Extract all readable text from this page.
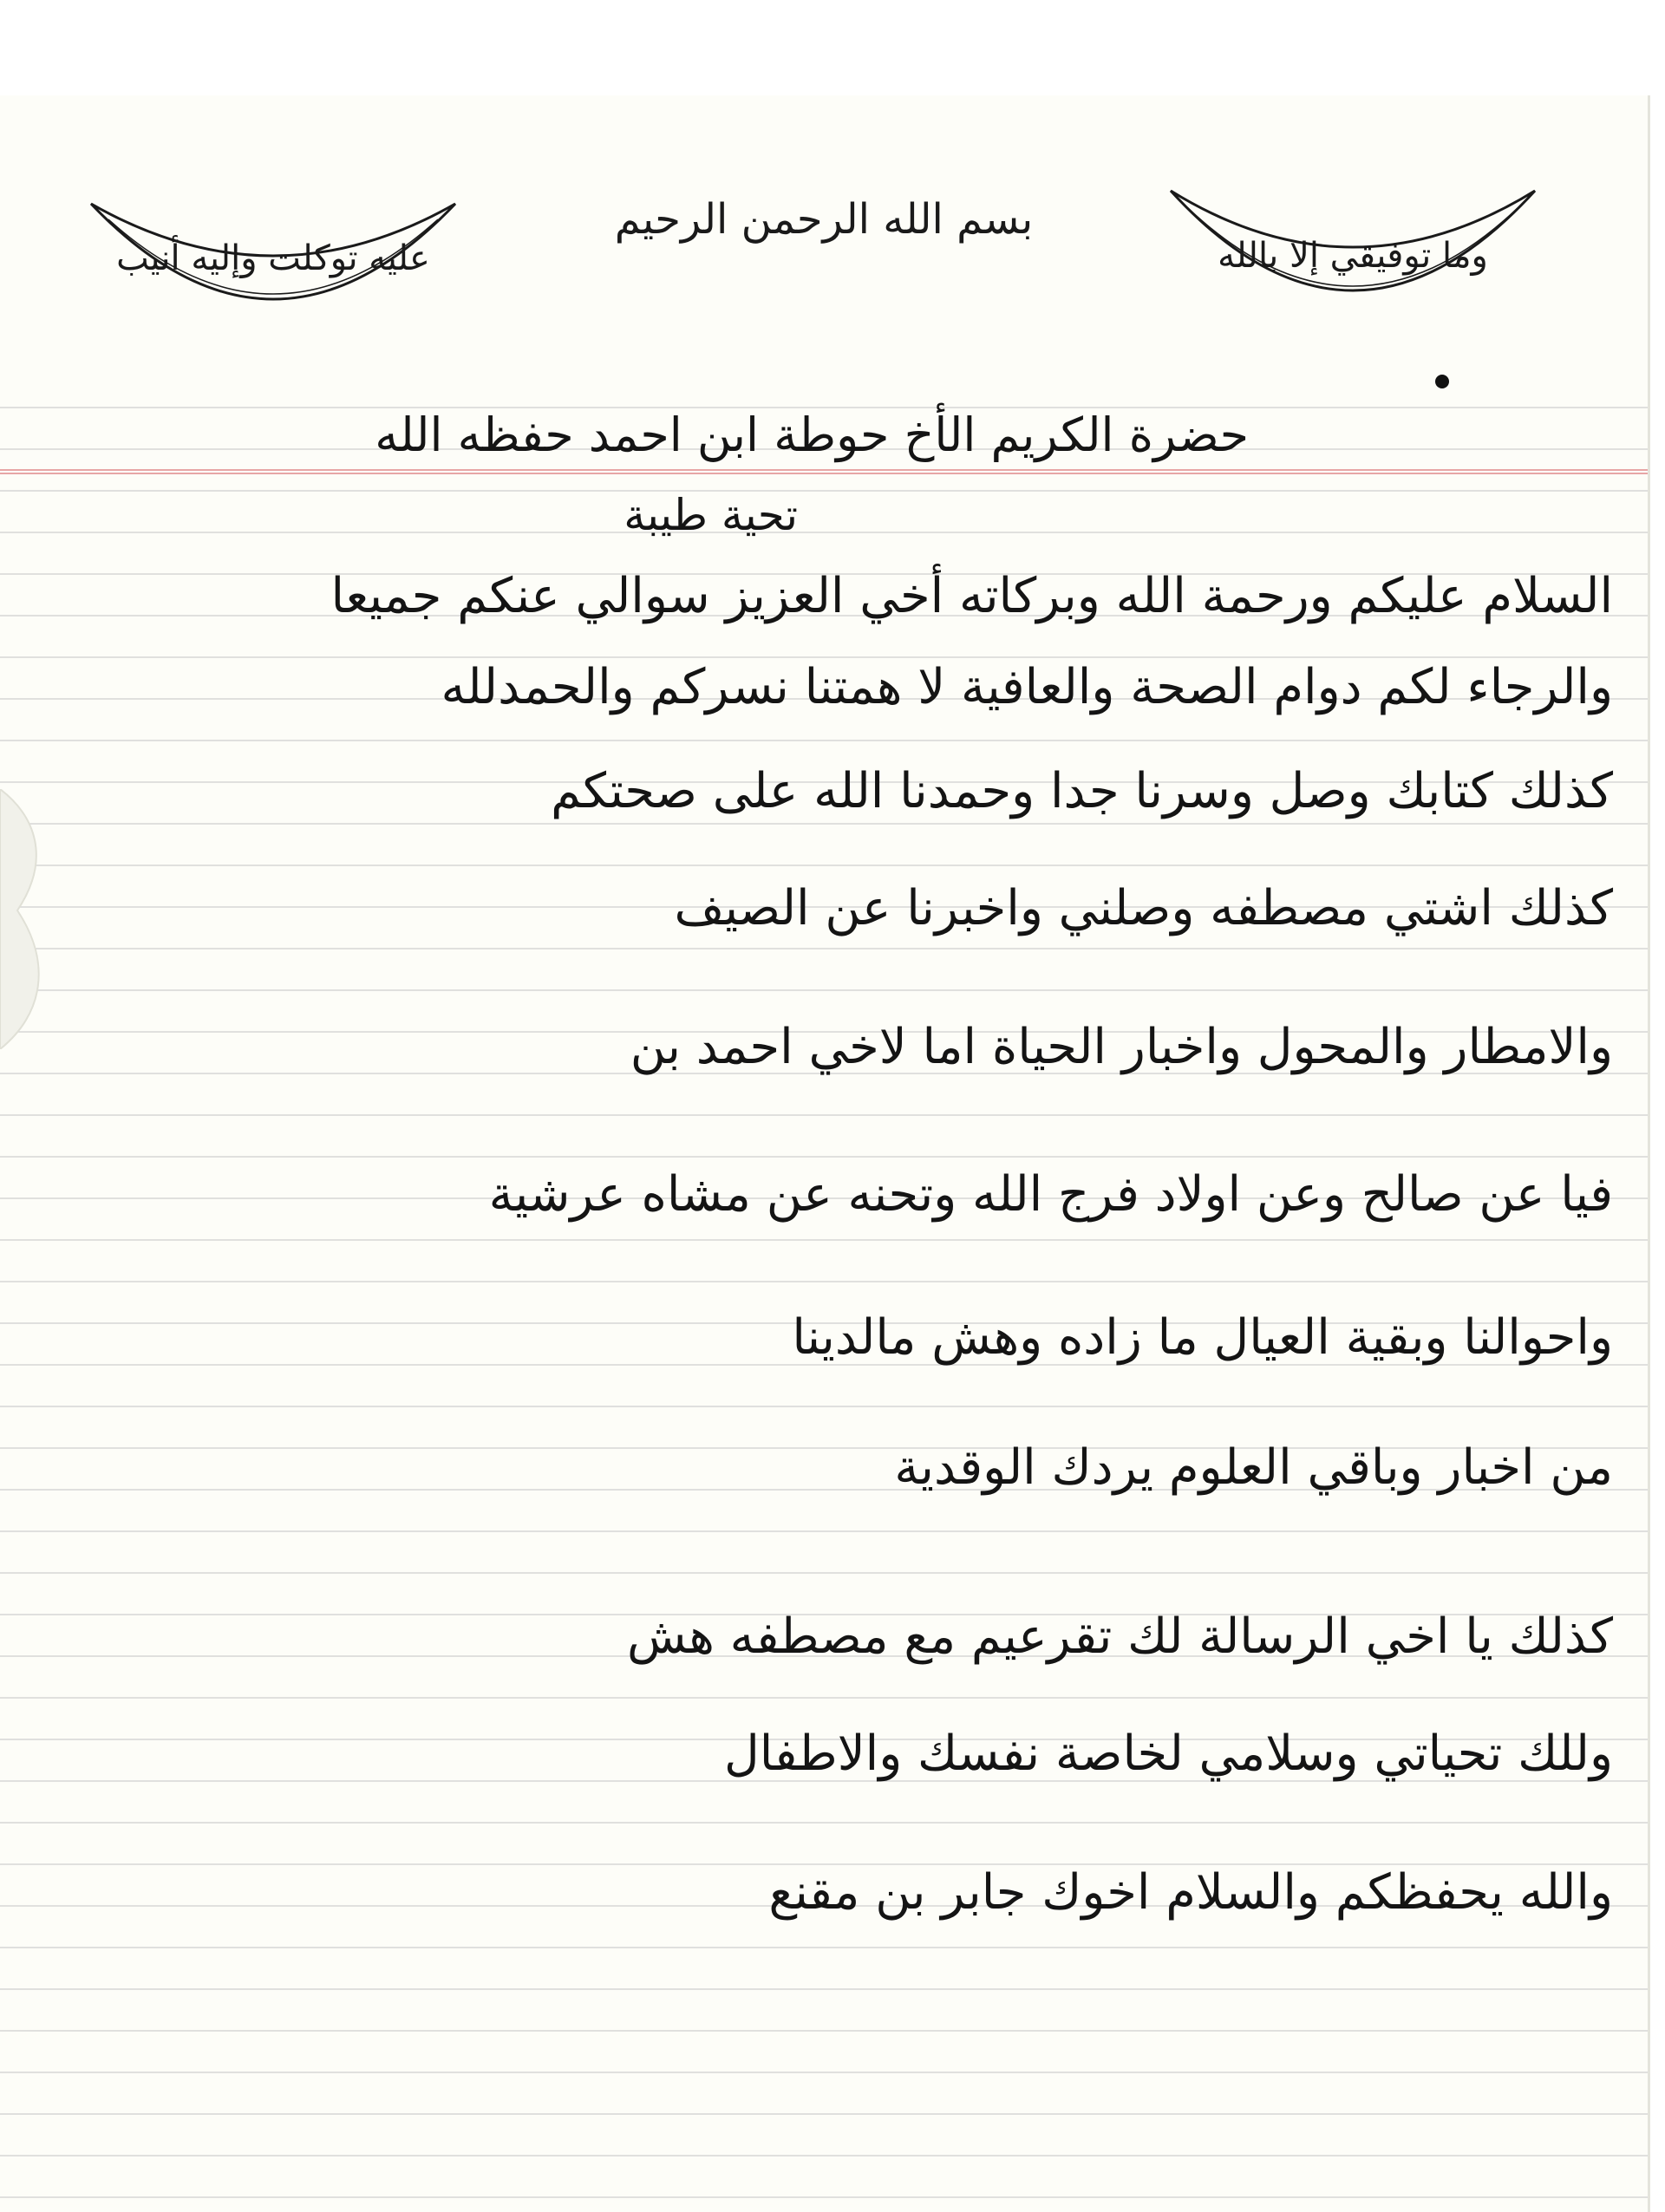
وما توفيقي إلا بالله
عليه توكلت وإليه أنيب
بسم الله الرحمن الرحيم
حضرة الكريم الأخ حوطة ابن احمد حفظه الله
تحية طيبة
السلام عليكم ورحمة الله وبركاته أخي العزيز سوالي عنكم جميعا
والرجاء لكم دوام الصحة والعافية لا همتنا نسركم والحمدلله
كذلك كتابك وصل وسرنا جدا وحمدنا الله على صحتكم
كذلك اشتي مصطفه وصلني واخبرنا عن الصيف
والامطار والمحول واخبار الحياة اما لاخي احمد بن
فيا عن صالح وعن اولاد فرج الله وتحنه عن مشاه عرشية
واحوالنا وبقية العيال ما زاده وهش مالدينا
من اخبار وباقي العلوم يردك الوقدية
كذلك يا اخي الرسالة لك تقرعيم مع مصطفه هش
وللك تحياتي وسلامي لخاصة نفسك والاطفال
والله يحفظكم والسلام اخوك جابر بن مقنع
